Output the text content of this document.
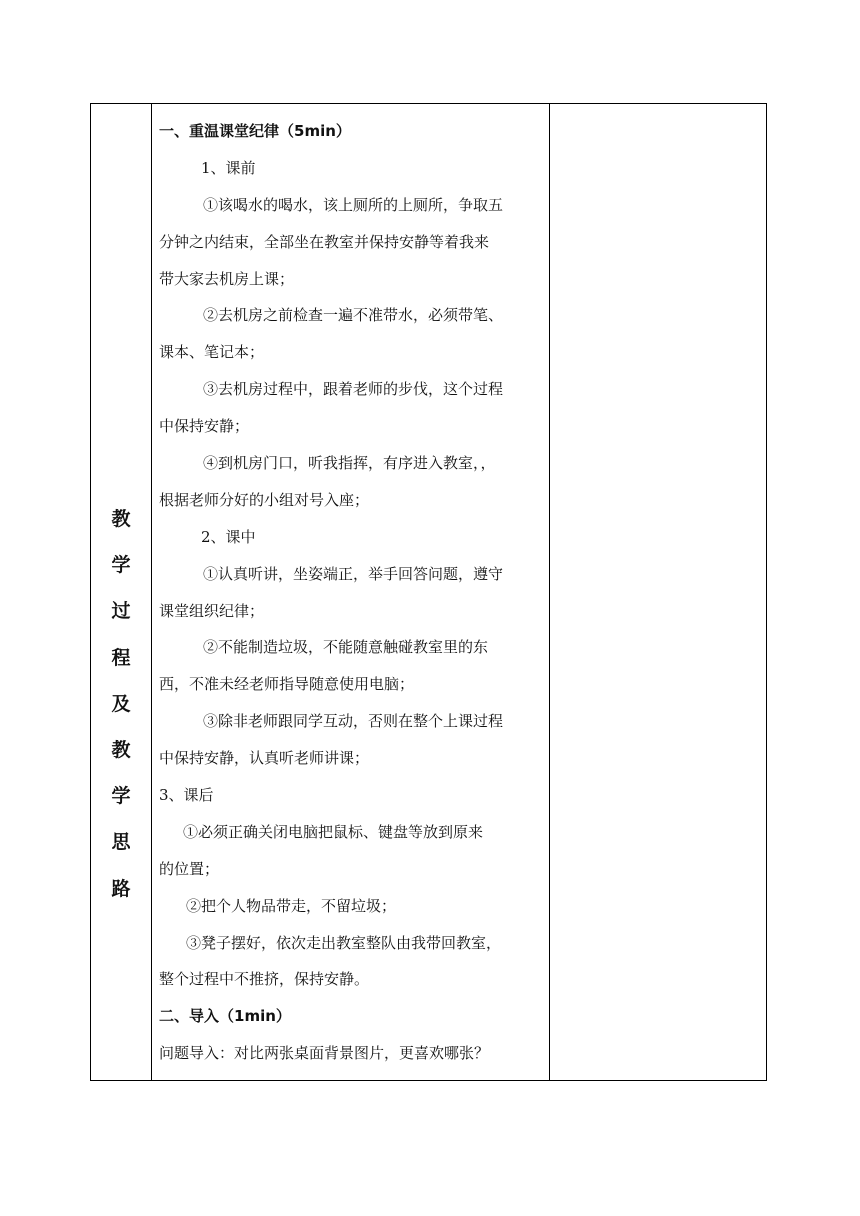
教
学
过
程
及
教
学
思
路
一、重温课堂纪律（5min）
1、课前
①该喝水的喝水，该上厕所的上厕所，争取五
分钟之内结束，全部坐在教室并保持安静等着我来
带大家去机房上课；
②去机房之前检查一遍不准带水，必须带笔、
课本、笔记本；
③去机房过程中，跟着老师的步伐，这个过程
中保持安静；
④到机房门口，听我指挥，有序进入教室，，
根据老师分好的小组对号入座；
2、课中
①认真听讲，坐姿端正，举手回答问题，遵守
课堂组织纪律；
②不能制造垃圾，不能随意触碰教室里的东
西，不准未经老师指导随意使用电脑；
③除非老师跟同学互动，否则在整个上课过程
中保持安静，认真听老师讲课；
3、课后
①必须正确关闭电脑把鼠标、键盘等放到原来
的位置；
②把个人物品带走，不留垃圾；
③凳子摆好，依次走出教室整队由我带回教室，
整个过程中不推挤，保持安静。
二、导入（1min）
问题导入：对比两张桌面背景图片，更喜欢哪张？
